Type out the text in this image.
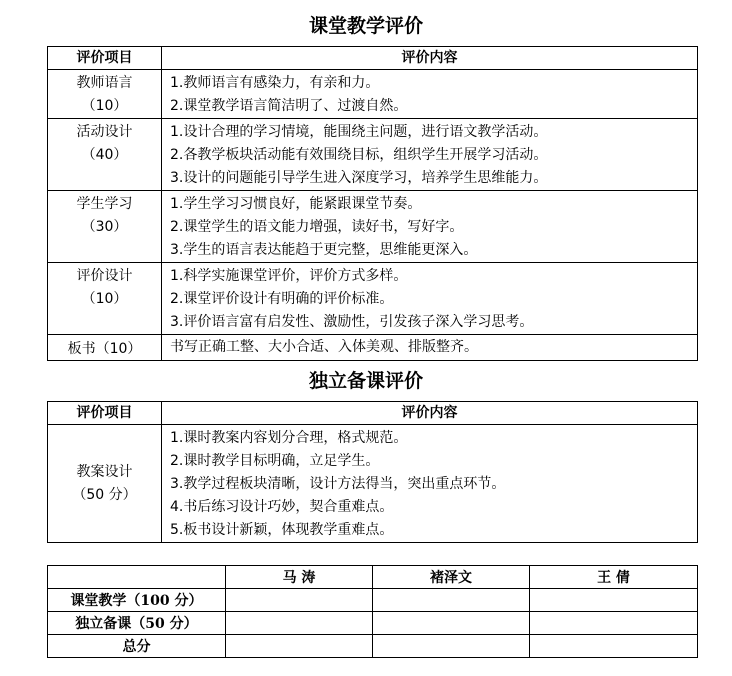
课堂教学评价
评价项目	评价内容

教师语言
（10）	1.教师语言有感染力，有亲和力。
2.课堂教学语言简洁明了、过渡自然。

活动设计
（40）	1.设计合理的学习情境，能围绕主问题，进行语文教学活动。
2.各教学板块活动能有效围绕目标，组织学生开展学习活动。
3.设计的问题能引导学生进入深度学习，培养学生思维能力。

学生学习
（30）	1.学生学习习惯良好，能紧跟课堂节奏。
2.课堂学生的语文能力增强，读好书，写好字。
3.学生的语言表达能趋于更完整，思维能更深入。

评价设计
（10）	1.科学实施课堂评价，评价方式多样。
2.课堂评价设计有明确的评价标准。
3.评价语言富有启发性、激励性，引发孩子深入学习思考。

板书（10）	书写正确工整、大小合适、入体美观、排版整齐。
独立备课评价
评价项目	评价内容

教案设计
（50 分）	1.课时教案内容划分合理，格式规范。
2.课时教学目标明确，立足学生。
3.教学过程板块清晰，设计方法得当，突出重点环节。
4.书后练习设计巧妙，契合重难点。
5.板书设计新颖，体现教学重难点。
	马 涛	褚泽文	王 倩
课堂教学（100 分）			
独立备课（50 分）			
总分			
